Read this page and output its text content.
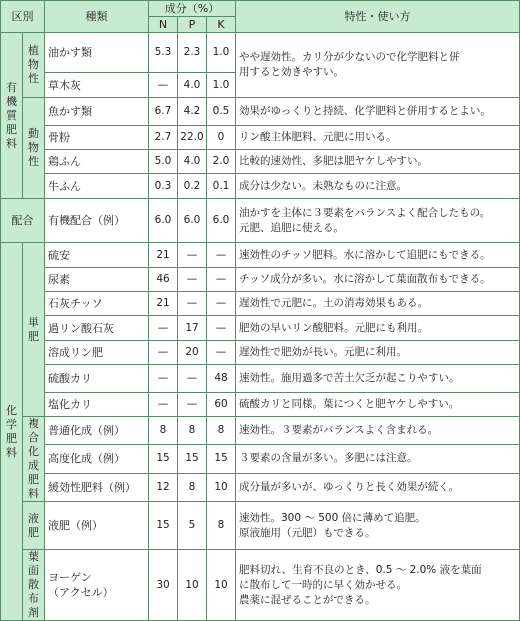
区別		種類	成分（%）			特性・使い方
			N	P	K	
有機質肥料	植物性	油かす類	5.3	2.3	1.0	やや遅効性。カリ分が少ないので化学肥料と併
用すると効きやすい。

		草木灰	—	4.0	1.0	
	動物性	魚かす類	6.7	4.2	0.5	効果がゆっくりと持続、化学肥料と併用するとよい。

		骨粉	2.7	22.0	0	リン酸主体肥料、元肥に用いる。

		鶏ふん	5.0	4.0	2.0	比較的速効性、多肥は肥ヤケしやすい。

		牛ふん	0.3	0.2	0.1	成分は少ない。未熟なものに注意。

配合		有機配合（例）	6.0	6.0	6.0	油かすを主体に３要素をバランスよく配合したもの。
元肥、追肥に使える。

化学肥料	単肥	硫安	21	—	—	速効性のチッソ肥料。水に溶かして追肥にもできる。

		尿素	46	—	—	チッソ成分が多い。水に溶かして葉面散布もできる。

		石灰チッソ	21	—	—	遅効性で元肥に。土の消毒効果もある。

		過リン酸石灰	—	17	—	肥効の早いリン酸肥料。元肥にも利用。

		溶成リン肥	—	20	—	遅効性で肥効が長い。元肥に利用。

		硫酸カリ	—	—	48	速効性。施用過多で苦土欠乏が起こりやすい。

		塩化カリ	—	—	60	硫酸カリと同様。葉につくと肥ヤケしやすい。

	複合化成肥料	普通化成（例）	8	8	8	速効性。３要素がバランスよく含まれる。

		高度化成（例）	15	15	15	３要素の含量が多い。多肥には注意。

		緩効性肥料（例）	12	8	10	成分量が多いが、ゆっくりと長く効果が続く。

	液肥	液肥（例）	15	5	8	速効性。300 ～ 500 倍に薄めて追肥。
原液施用（元肥）もできる。

	葉面散布剤	ヨーゲン
（アクセル）	30	10	10	肥料切れ、生育不良のとき、0.5 ～ 2.0% 液を葉面
に散布して一時的に早く効かせる。
農薬に混ぜることができる。
